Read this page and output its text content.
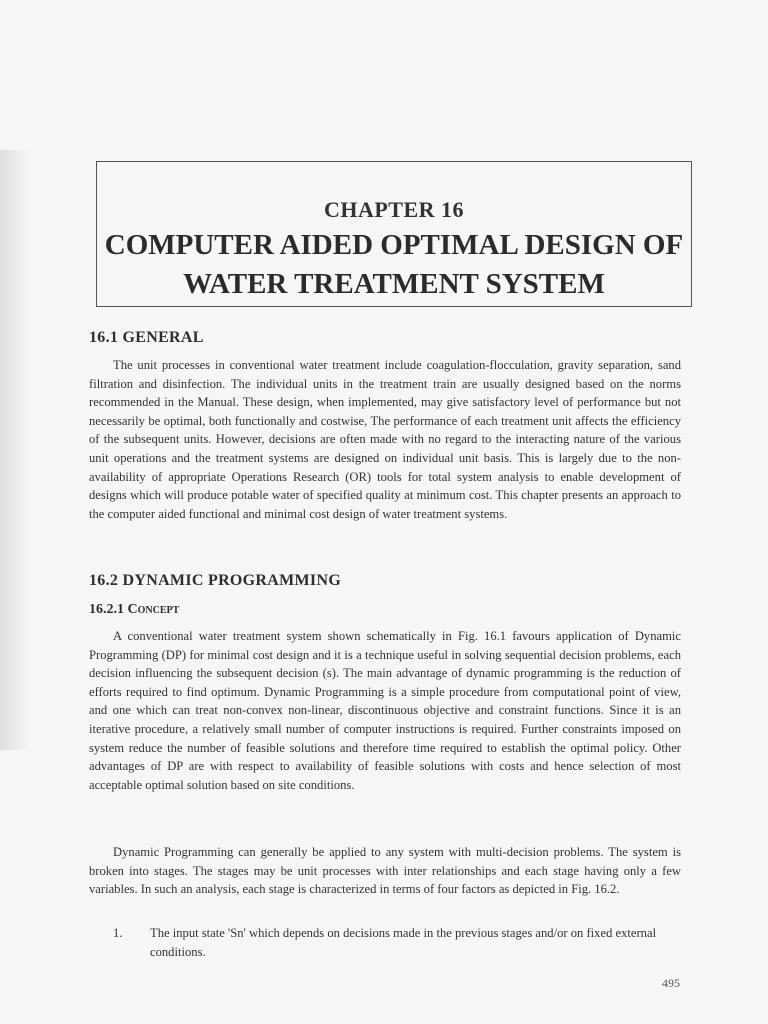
CHAPTER 16
COMPUTER AIDED OPTIMAL DESIGN OF WATER TREATMENT SYSTEM
16.1 GENERAL

The unit processes in conventional water treatment include coagulation-flocculation, gravity separation, sand filtration and disinfection. The individual units in the treatment train are usually designed based on the norms recommended in the Manual. These design, when implemented, may give satisfactory level of performance but not necessarily be optimal, both functionally and costwise, The performance of each treatment unit affects the efficiency of the subsequent units. However, decisions are often made with no regard to the interacting nature of the various unit operations and the treatment systems are designed on individual unit basis. This is largely due to the non-availability of appropriate Operations Research (OR) tools for total system analysis to enable development of designs which will produce potable water of specified quality at minimum cost. This chapter presents an approach to the computer aided functional and minimal cost design of water treatment systems.

16.2 DYNAMIC PROGRAMMING
16.2.1 Concept

A conventional water treatment system shown schematically in Fig. 16.1 favours application of Dynamic Programming (DP) for minimal cost design and it is a technique useful in solving sequential decision problems, each decision influencing the subsequent decision (s). The main advantage of dynamic programming is the reduction of efforts required to find optimum. Dynamic Programming is a simple procedure from computational point of view, and one which can treat non-convex non-linear, discontinuous objective and constraint functions. Since it is an iterative procedure, a relatively small number of computer instructions is required. Further constraints imposed on system reduce the number of feasible solutions and therefore time required to establish the optimal policy. Other advantages of DP are with respect to availability of feasible solutions with costs and hence selection of most acceptable optimal solution based on site conditions.

Dynamic Programming can generally be applied to any system with multi-decision problems. The system is broken into stages. The stages may be unit processes with inter relationships and each stage having only a few variables. In such an analysis, each stage is characterized in terms of four factors as depicted in Fig. 16.2.

1. The input state 'Sn' which depends on decisions made in the previous stages and/or on fixed external conditions.
495
